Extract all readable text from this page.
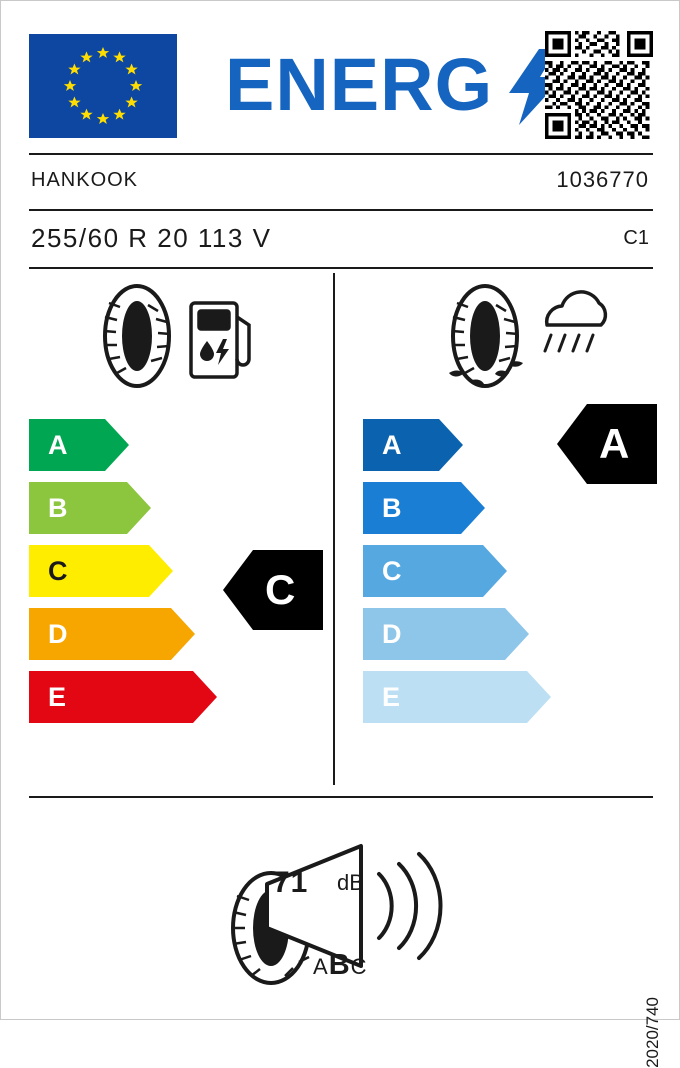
ENERG
HANKOOK	1036770
255/60 R 20 113 V	C1
A
B
C
D
E
A
B
C
D
E
C
A
71 dB
ABC
2020/740
